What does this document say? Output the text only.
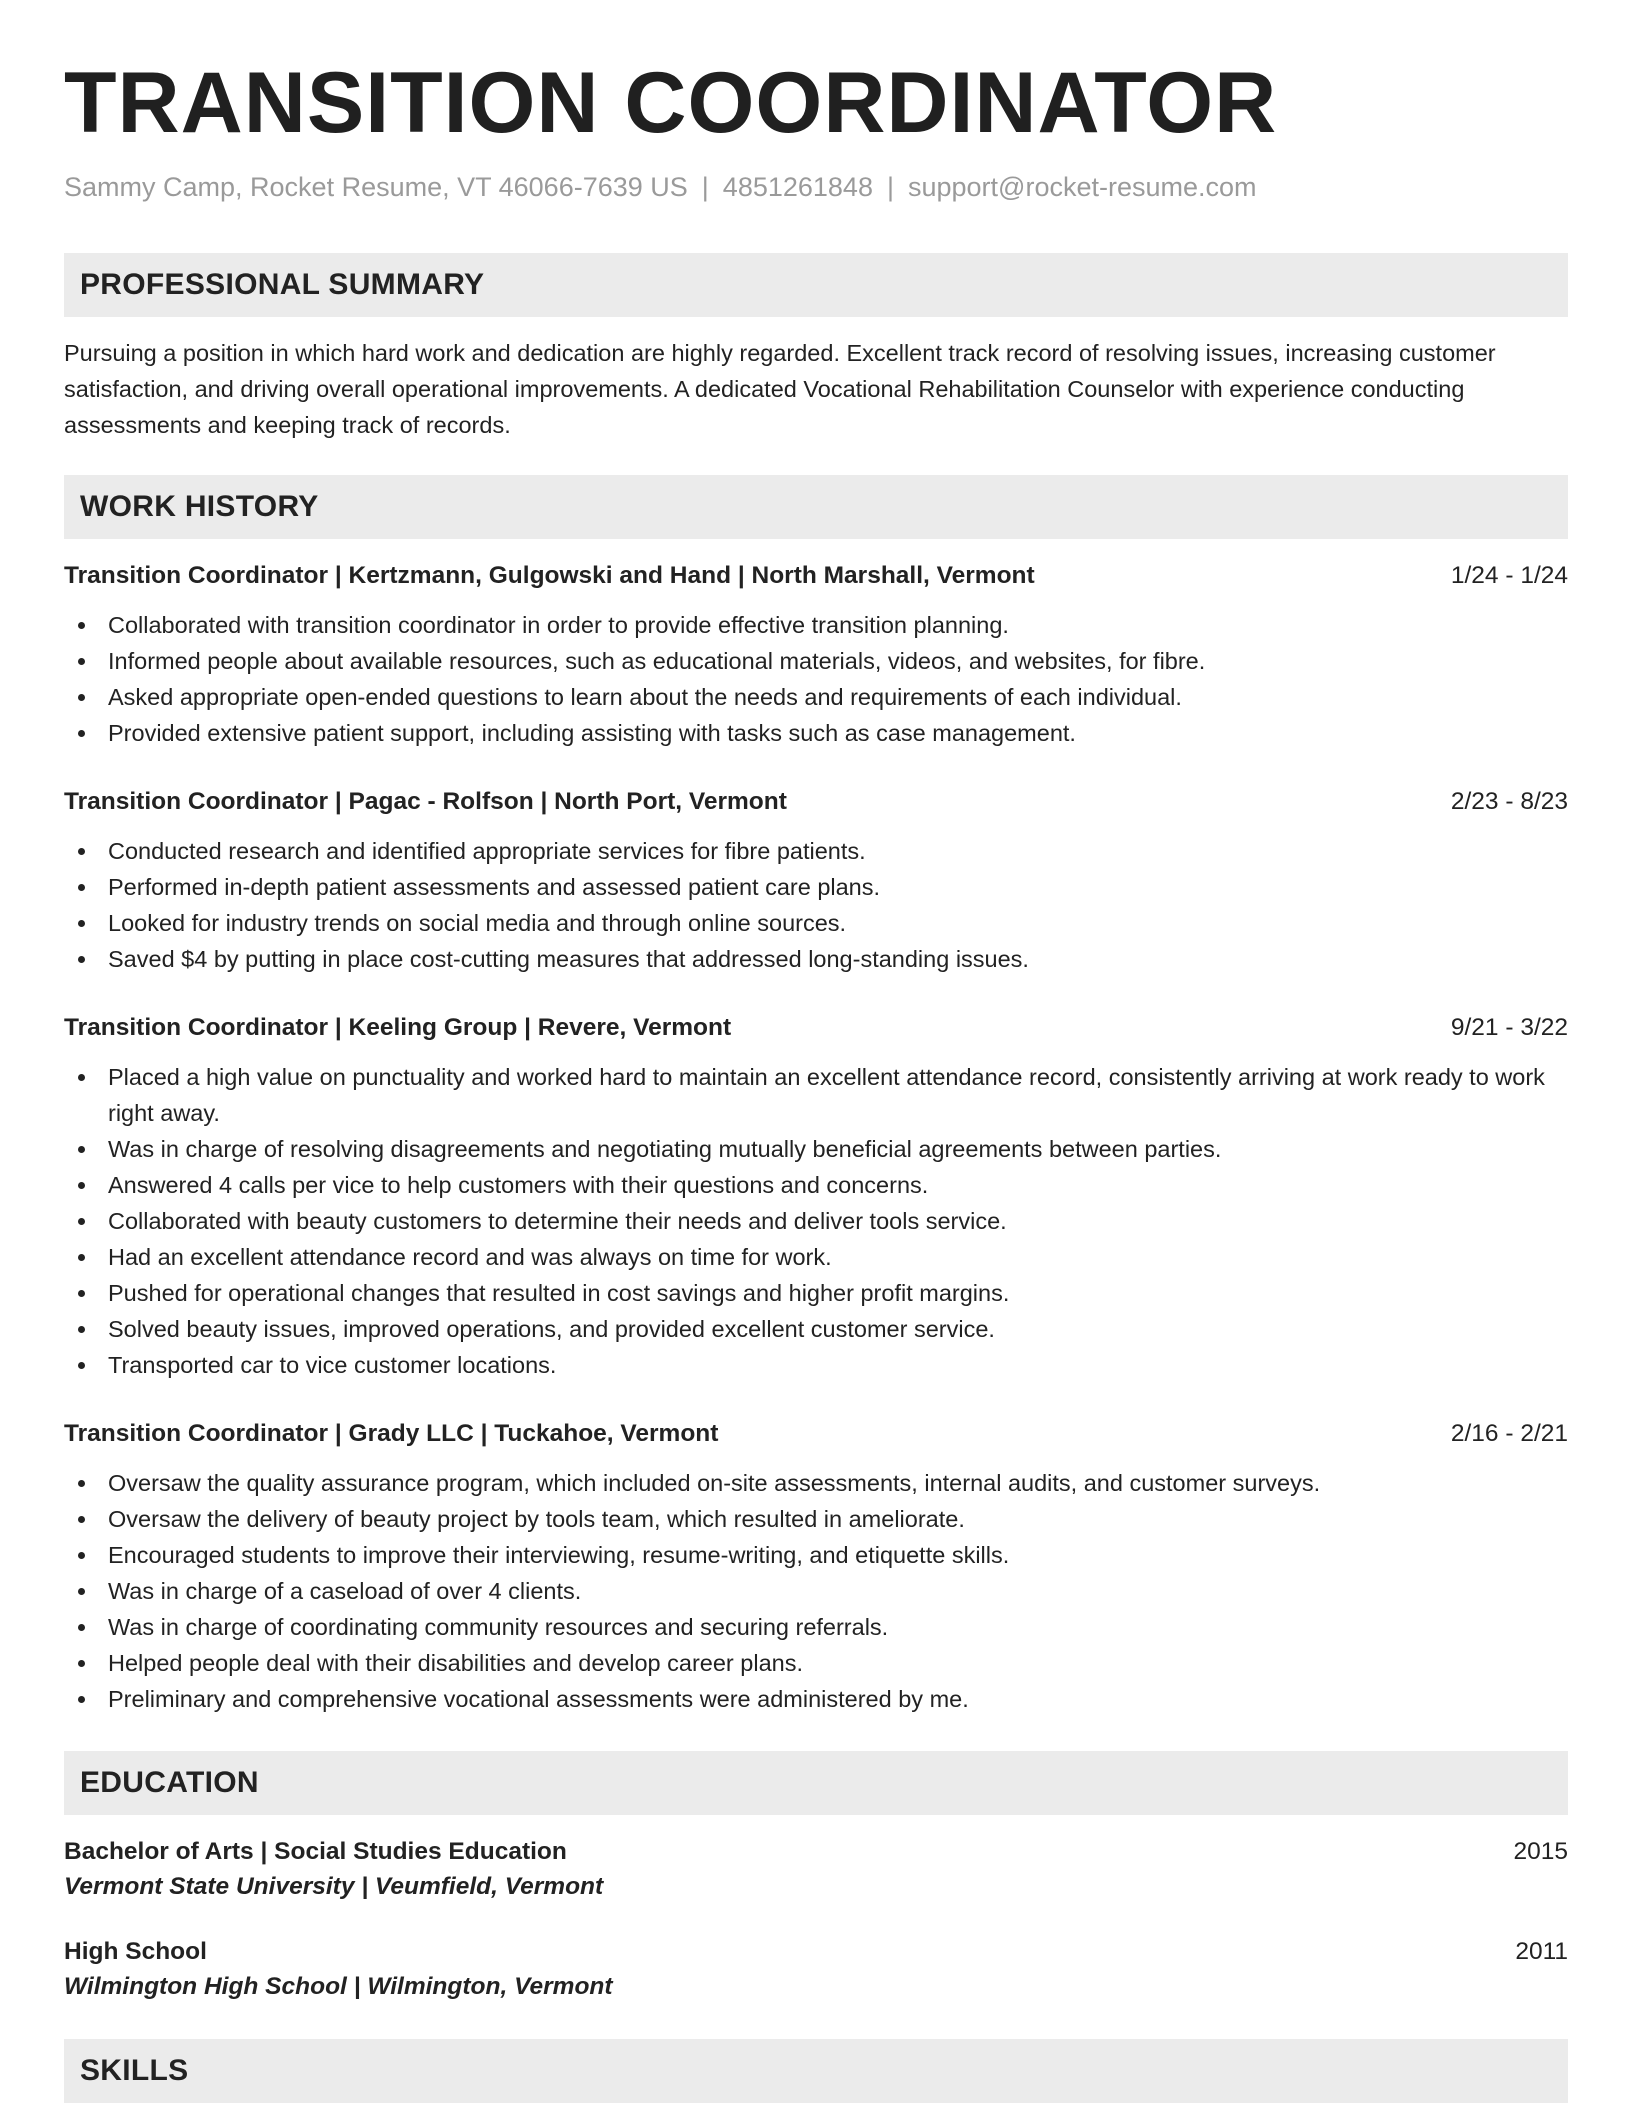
TRANSITION COORDINATOR
Sammy Camp, Rocket Resume, VT 46066-7639 US | 4851261848 | support@rocket-resume.com
PROFESSIONAL SUMMARY
Pursuing a position in which hard work and dedication are highly regarded. Excellent track record of resolving issues, increasing customer satisfaction, and driving overall operational improvements. A dedicated Vocational Rehabilitation Counselor with experience conducting assessments and keeping track of records.
WORK HISTORY
Transition Coordinator | Kertzmann, Gulgowski and Hand | North Marshall, Vermont	1/24 - 1/24
Collaborated with transition coordinator in order to provide effective transition planning.
Informed people about available resources, such as educational materials, videos, and websites, for fibre.
Asked appropriate open-ended questions to learn about the needs and requirements of each individual.
Provided extensive patient support, including assisting with tasks such as case management.
Transition Coordinator | Pagac - Rolfson | North Port, Vermont	2/23 - 8/23
Conducted research and identified appropriate services for fibre patients.
Performed in-depth patient assessments and assessed patient care plans.
Looked for industry trends on social media and through online sources.
Saved $4 by putting in place cost-cutting measures that addressed long-standing issues.
Transition Coordinator | Keeling Group | Revere, Vermont	9/21 - 3/22
Placed a high value on punctuality and worked hard to maintain an excellent attendance record, consistently arriving at work ready to work right away.
Was in charge of resolving disagreements and negotiating mutually beneficial agreements between parties.
Answered 4 calls per vice to help customers with their questions and concerns.
Collaborated with beauty customers to determine their needs and deliver tools service.
Had an excellent attendance record and was always on time for work.
Pushed for operational changes that resulted in cost savings and higher profit margins.
Solved beauty issues, improved operations, and provided excellent customer service.
Transported car to vice customer locations.
Transition Coordinator | Grady LLC | Tuckahoe, Vermont	2/16 - 2/21
Oversaw the quality assurance program, which included on-site assessments, internal audits, and customer surveys.
Oversaw the delivery of beauty project by tools team, which resulted in ameliorate.
Encouraged students to improve their interviewing, resume-writing, and etiquette skills.
Was in charge of a caseload of over 4 clients.
Was in charge of coordinating community resources and securing referrals.
Helped people deal with their disabilities and develop career plans.
Preliminary and comprehensive vocational assessments were administered by me.
EDUCATION
Bachelor of Arts | Social Studies Education	2015
Vermont State University | Veumfield, Vermont
High School	2011
Wilmington High School | Wilmington, Vermont
SKILLS
